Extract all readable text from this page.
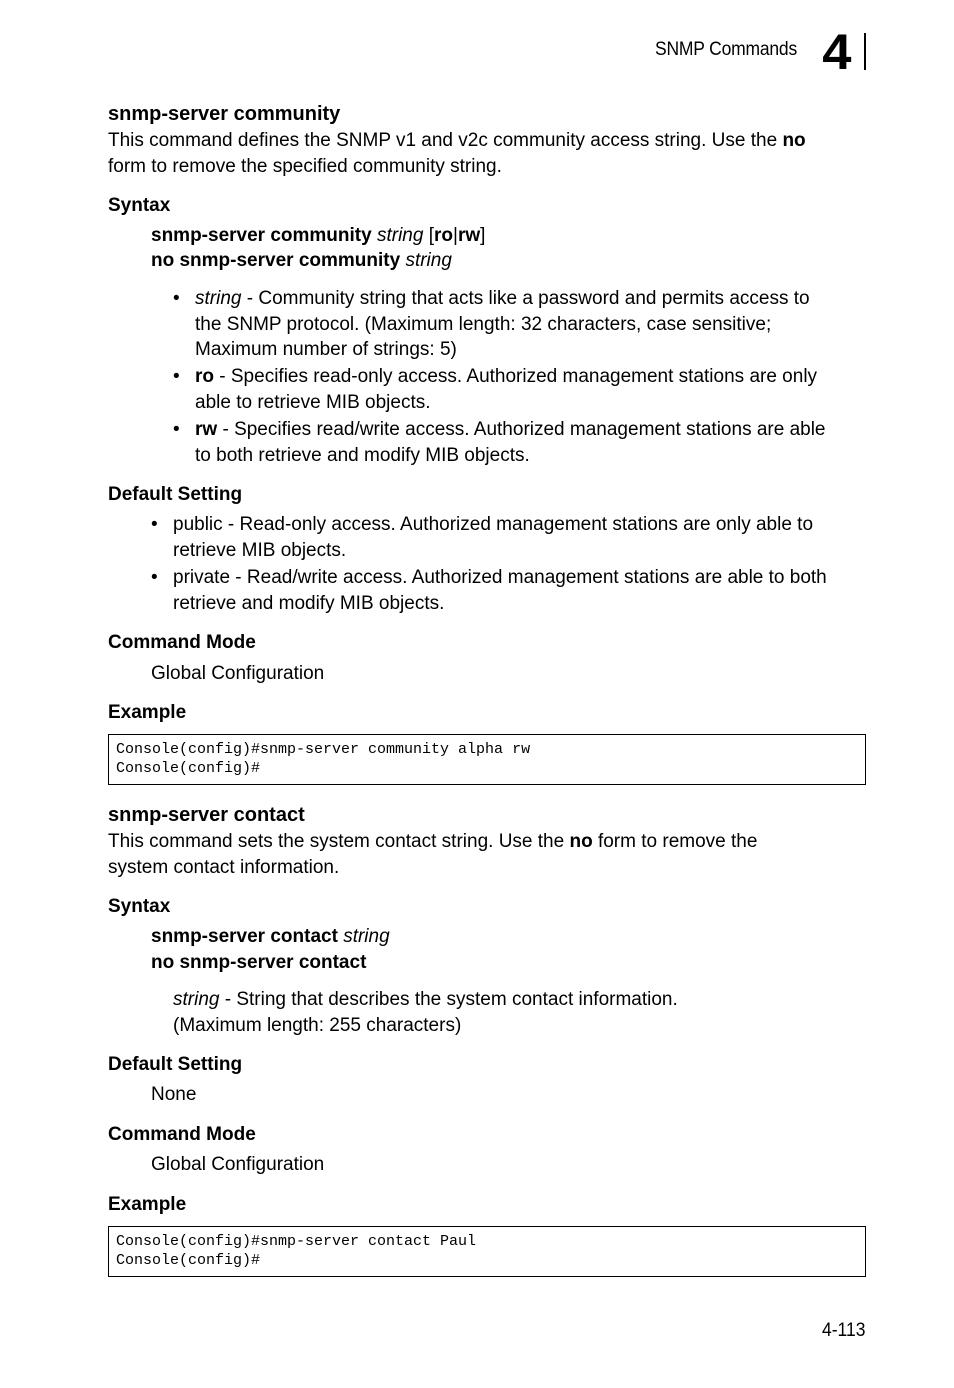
SNMP Commands 4
snmp-server community
This command defines the SNMP v1 and v2c community access string. Use the no
form to remove the specified community string.
Syntax
snmp-server community string [ro|rw]
no snmp-server community string
• string - Community string that acts like a password and permits access to
the SNMP protocol. (Maximum length: 32 characters, case sensitive;
Maximum number of strings: 5)
• ro - Specifies read-only access. Authorized management stations are only
able to retrieve MIB objects.
• rw - Specifies read/write access. Authorized management stations are able
to both retrieve and modify MIB objects.
Default Setting
• public - Read-only access. Authorized management stations are only able to
retrieve MIB objects.
• private - Read/write access. Authorized management stations are able to both
retrieve and modify MIB objects.
Command Mode
Global Configuration
Example
Console(config)#snmp-server community alpha rw
Console(config)#
snmp-server contact
This command sets the system contact string. Use the no form to remove the
system contact information.
Syntax
snmp-server contact string
no snmp-server contact
string - String that describes the system contact information.
(Maximum length: 255 characters)
Default Setting
None
Command Mode
Global Configuration
Example
Console(config)#snmp-server contact Paul
Console(config)#
4-113
